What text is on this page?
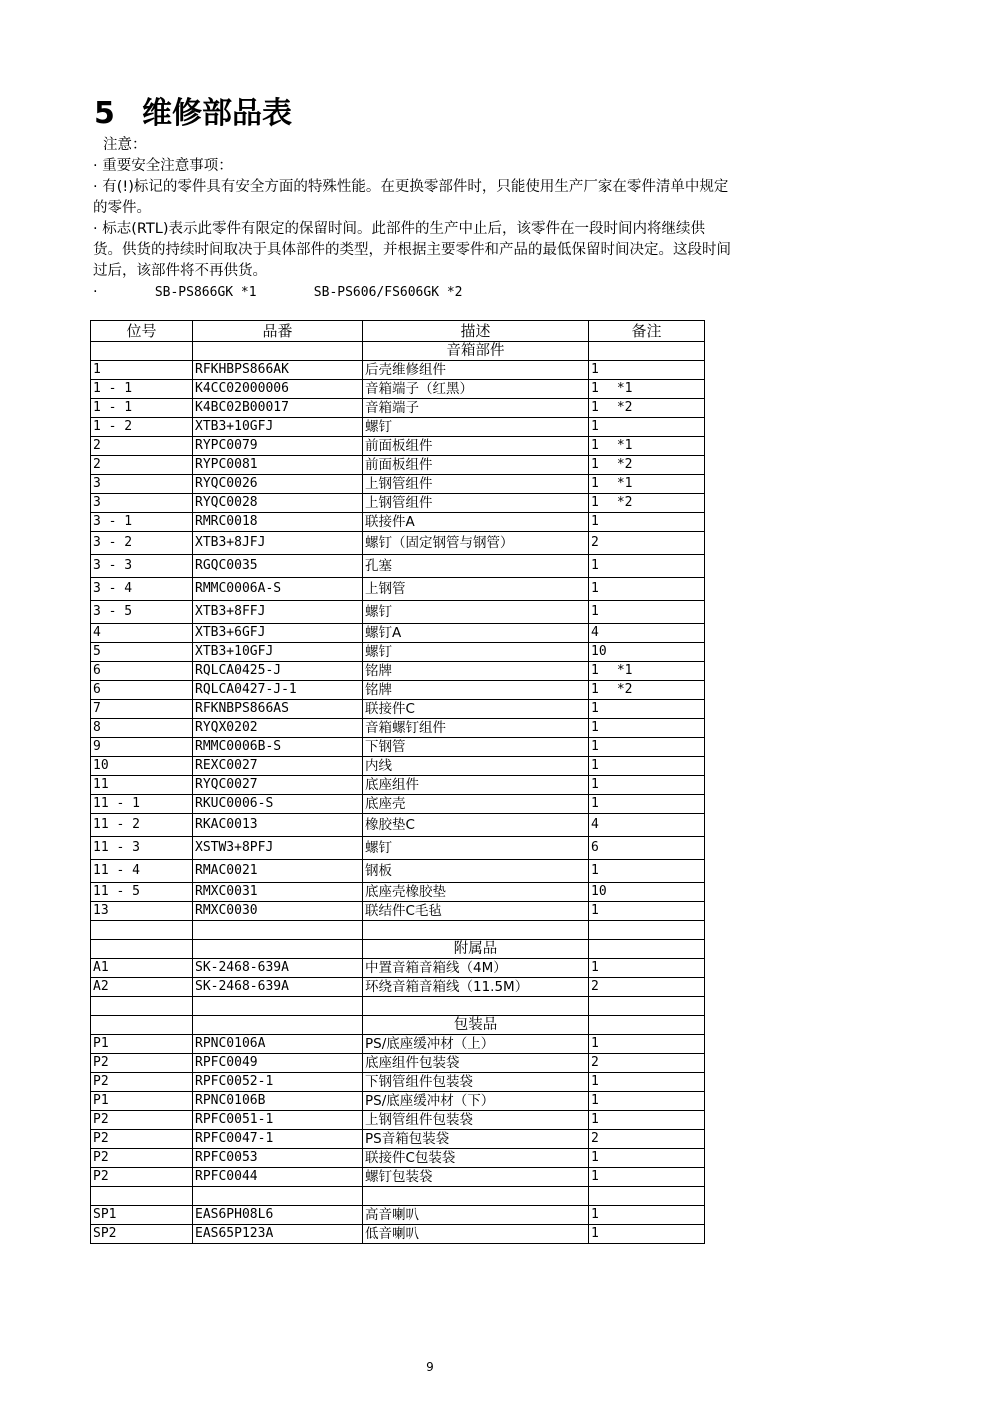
5 维修部品表

注意：

· 重要安全注意事项：

· 有(!)标记的零件具有安全方面的特殊性能。在更换零部件时，只能使用生产厂家在零件清单中规定的零件。

· 标志(RTL)表示此零件有限定的保留时间。此部件的生产中止后，该零件在一段时间内将继续供货。供货的持续时间取决于具体部件的类型，并根据主要零件和产品的最低保留时间决定。这段时间过后，该部件将不再供货。

·	SB-PS866GK *1	SB-PS606/FS606GK *2

位号	品番	描述	备注
		音箱部件	
1	RFKHBPS866AK	后壳维修组件	1
1 - 1	K4CC02000006	音箱端子（红黑）	1 *1
1 - 1	K4BC02B00017	音箱端子	1 *2
1 - 2	XTB3+10GFJ	螺钉	1
2	RYPC0079	前面板组件	1 *1
2	RYPC0081	前面板组件	1 *2
3	RYQC0026	上钢管组件	1 *1
3	RYQC0028	上钢管组件	1 *2
3 - 1	RMRC0018	联接件A	1
3 - 2	XTB3+8JFJ	螺钉（固定钢管与钢管）	2
3 - 3	RGQC0035	孔塞	1
3 - 4	RMMC0006A-S	上钢管	1
3 - 5	XTB3+8FFJ	螺钉	1
4	XTB3+6GFJ	螺钉A	4
5	XTB3+10GFJ	螺钉	10
6	RQLCA0425-J	铭牌	1 *1
6	RQLCA0427-J-1	铭牌	1 *2
7	RFKNBPS866AS	联接件C	1
8	RYQX0202	音箱螺钉组件	1
9	RMMC0006B-S	下钢管	1
10	REXC0027	内线	1
11	RYQC0027	底座组件	1
11 - 1	RKUC0006-S	底座壳	1
11 - 2	RKAC0013	橡胶垫C	4
11 - 3	XSTW3+8PFJ	螺钉	6
11 - 4	RMAC0021	钢板	1
11 - 5	RMXC0031	底座壳橡胶垫	10
13	RMXC0030	联结件C毛毡	1

		附属品	
A1	SK-2468-639A	中置音箱音箱线（4M）	1
A2	SK-2468-639A	环绕音箱音箱线（11.5M）	2

		包装品	
P1	RPNC0106A	PS/底座缓冲材（上）	1
P2	RPFC0049	底座组件包装袋	2
P2	RPFC0052-1	下钢管组件包装袋	1
P1	RPNC0106B	PS/底座缓冲材（下）	1
P2	RPFC0051-1	上钢管组件包装袋	1
P2	RPFC0047-1	PS音箱包装袋	2
P2	RPFC0053	联接件C包装袋	1
P2	RPFC0044	螺钉包装袋	1

SP1	EAS6PH08L6	高音喇叭	1
SP2	EAS65P123A	低音喇叭	1
9
